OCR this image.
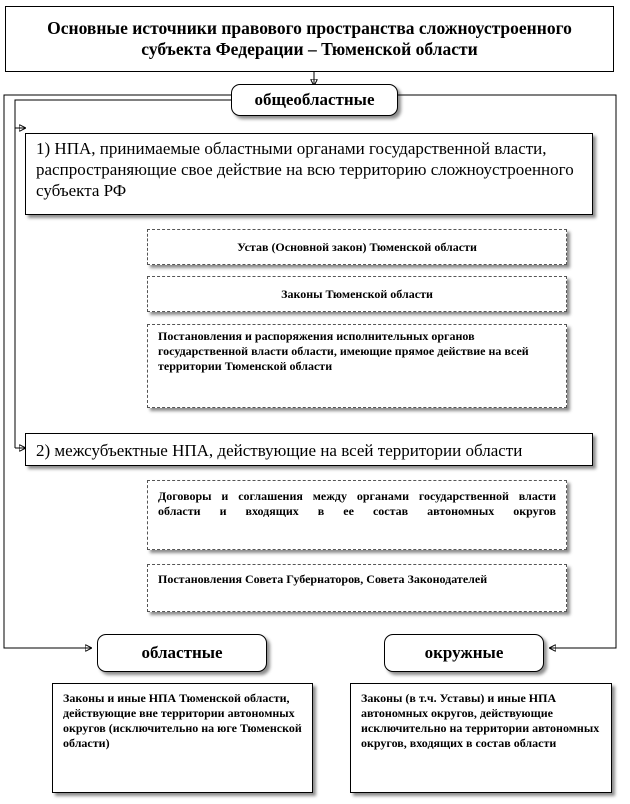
Основные источники правового пространства сложноустроенного субъекта Федерации – Тюменской области
общеобластные
1) НПА, принимаемые областными органами государственной власти, распространяющие свое действие на всю территорию сложноустроенного субъекта РФ
Устав (Основной закон) Тюменской области
Законы Тюменской области
Постановления и распоряжения исполнительных органов государственной власти области, имеющие прямое действие на всей территории Тюменской области
2) межсубъектные НПА, действующие на всей территории области
Договоры и соглашения между органами государственной власти области и входящих в ее состав автономных округов
Постановления Совета Губернаторов, Совета Законодателей
областные	окружные
Законы и иные НПА Тюменской области, действующие вне территории автономных округов (исключительно на юге Тюменской области)
Законы (в т.ч. Уставы) и иные НПА автономных округов, действующие исключительно на территории автономных округов, входящих в состав области
